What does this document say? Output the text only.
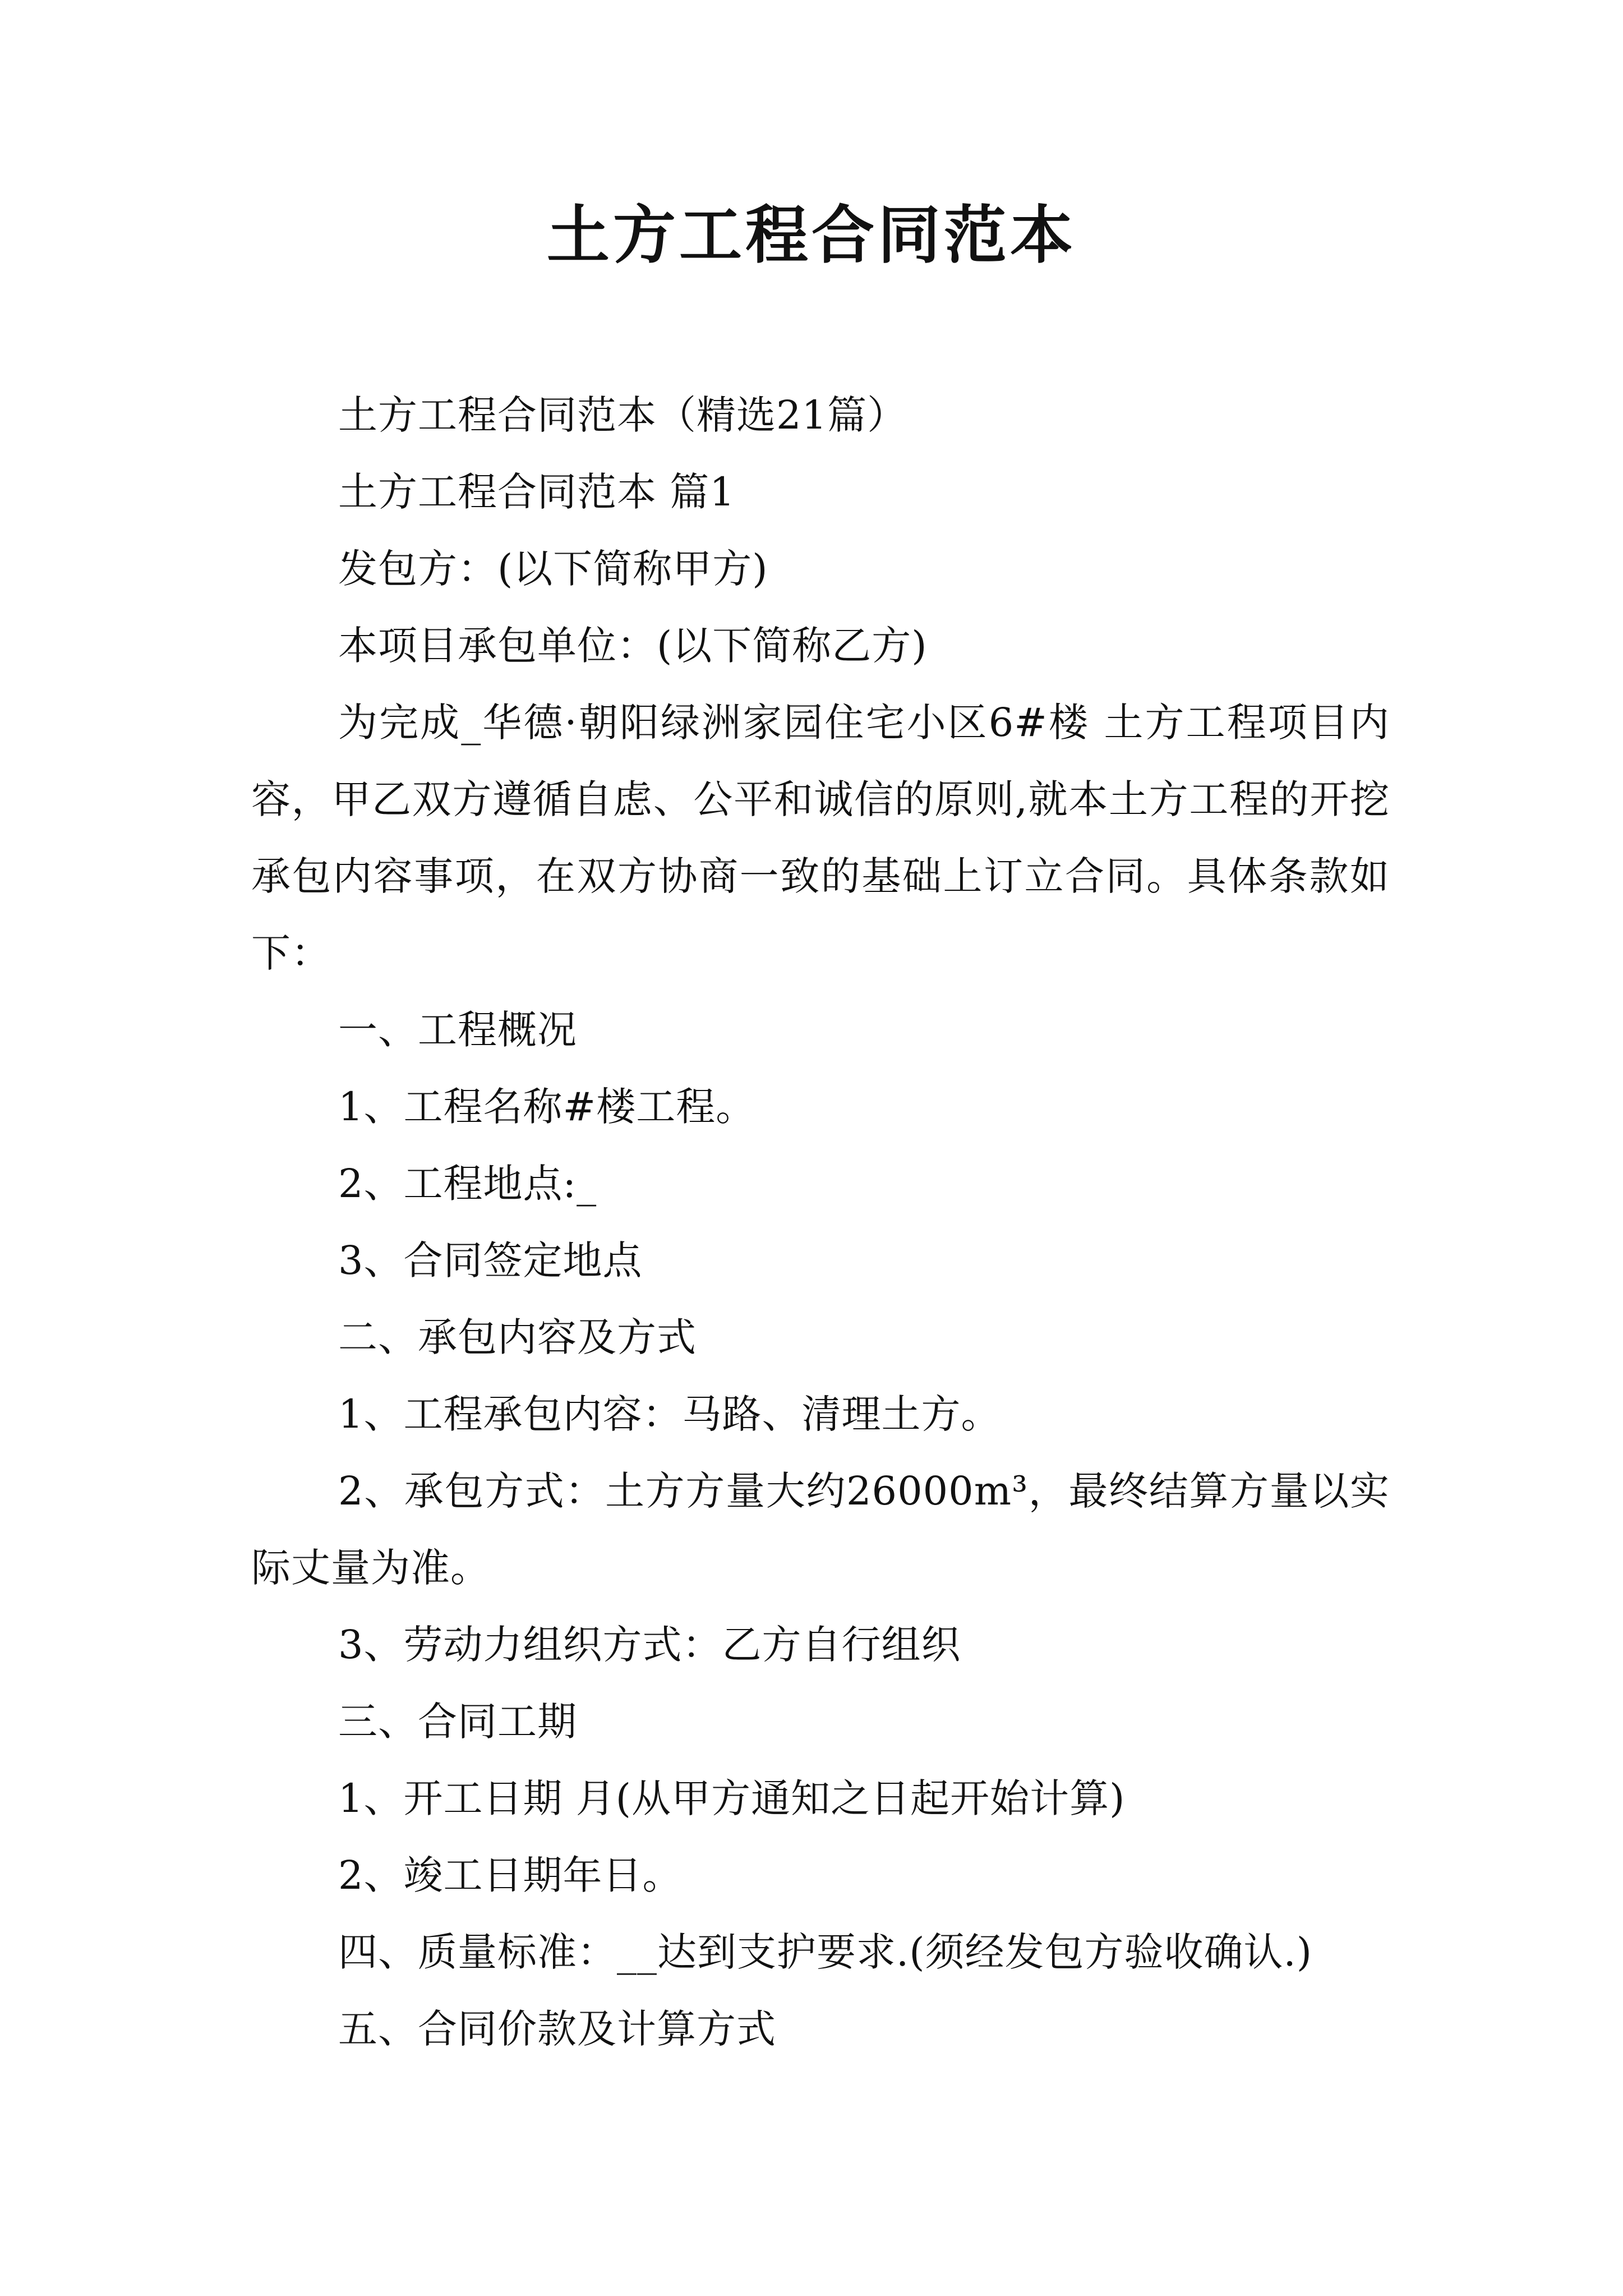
土方工程合同范本

土方工程合同范本（精选21篇）

土方工程合同范本 篇1

发包方：(以下简称甲方)

本项目承包单位：(以下简称乙方)

为完成_华德·朝阳绿洲家园住宅小区6#楼 土方工程项目内容，甲乙双方遵循自虑、公平和诚信的原则,就本土方工程的开挖承包内容事项，在双方协商一致的基础上订立合同。具体条款如下：

一、工程概况

1、工程名称#楼工程。

2、工程地点:_

3、合同签定地点

二、承包内容及方式

1、工程承包内容：马路、清理土方。

2、承包方式：土方方量大约26000m³，最终结算方量以实际丈量为准。

3、劳动力组织方式：乙方自行组织

三、合同工期

1、开工日期 月(从甲方通知之日起开始计算)

2、竣工日期年日。

四、质量标准：__达到支护要求.(须经发包方验收确认.)

五、合同价款及计算方式
